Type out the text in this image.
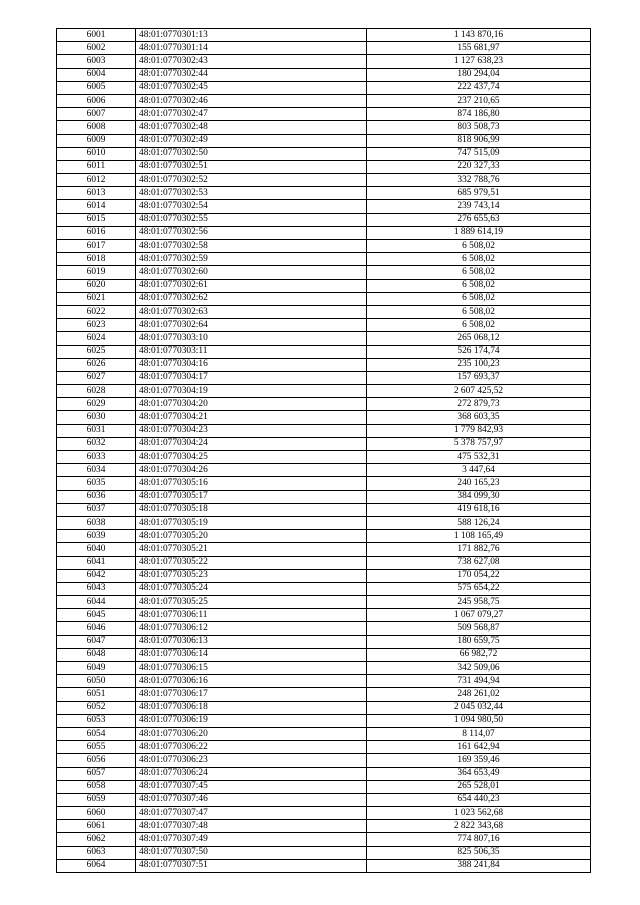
6001	48:01:0770301:13	1 143 870,16
6002	48:01:0770301:14	155 681,97
6003	48:01:0770302:43	1 127 638,23
6004	48:01:0770302:44	180 294,04
6005	48:01:0770302:45	222 437,74
6006	48:01:0770302:46	237 210,65
6007	48:01:0770302:47	874 186,80
6008	48:01:0770302:48	803 508,73
6009	48:01:0770302:49	818 906,99
6010	48:01:0770302:50	747 515,09
6011	48:01:0770302:51	220 327,33
6012	48:01:0770302:52	332 788,76
6013	48:01:0770302:53	685 979,51
6014	48:01:0770302:54	239 743,14
6015	48:01:0770302:55	276 655,63
6016	48:01:0770302:56	1 889 614,19
6017	48:01:0770302:58	6 508,02
6018	48:01:0770302:59	6 508,02
6019	48:01:0770302:60	6 508,02
6020	48:01:0770302:61	6 508,02
6021	48:01:0770302:62	6 508,02
6022	48:01:0770302:63	6 508,02
6023	48:01:0770302:64	6 508,02
6024	48:01:0770303:10	265 068,12
6025	48:01:0770303:11	526 174,74
6026	48:01:0770304:16	235 100,23
6027	48:01:0770304:17	157 693,37
6028	48:01:0770304:19	2 607 425,52
6029	48:01:0770304:20	272 879,73
6030	48:01:0770304:21	368 603,35
6031	48:01:0770304:23	1 779 842,93
6032	48:01:0770304:24	5 378 757,97
6033	48:01:0770304:25	475 532,31
6034	48:01:0770304:26	3 447,64
6035	48:01:0770305:16	240 165,23
6036	48:01:0770305:17	384 099,30
6037	48:01:0770305:18	419 618,16
6038	48:01:0770305:19	588 126,24
6039	48:01:0770305:20	1 108 165,49
6040	48:01:0770305:21	171 882,76
6041	48:01:0770305:22	738 627,08
6042	48:01:0770305:23	170 054,22
6043	48:01:0770305:24	575 654,22
6044	48:01:0770305:25	245 958,75
6045	48:01:0770306:11	1 067 079,27
6046	48:01:0770306:12	509 568,87
6047	48:01:0770306:13	180 659,75
6048	48:01:0770306:14	66 982,72
6049	48:01:0770306:15	342 509,06
6050	48:01:0770306:16	731 494,94
6051	48:01:0770306:17	248 261,02
6052	48:01:0770306:18	2 045 032,44
6053	48:01:0770306:19	1 094 980,50
6054	48:01:0770306:20	8 114,07
6055	48:01:0770306:22	161 642,94
6056	48:01:0770306:23	169 359,46
6057	48:01:0770306:24	364 653,49
6058	48:01:0770307:45	265 528,01
6059	48:01:0770307:46	654 440,23
6060	48:01:0770307:47	1 023 562,68
6061	48:01:0770307:48	2 822 343,68
6062	48:01:0770307:49	774 807,16
6063	48:01:0770307:50	825 506,35
6064	48:01:0770307:51	388 241,84
